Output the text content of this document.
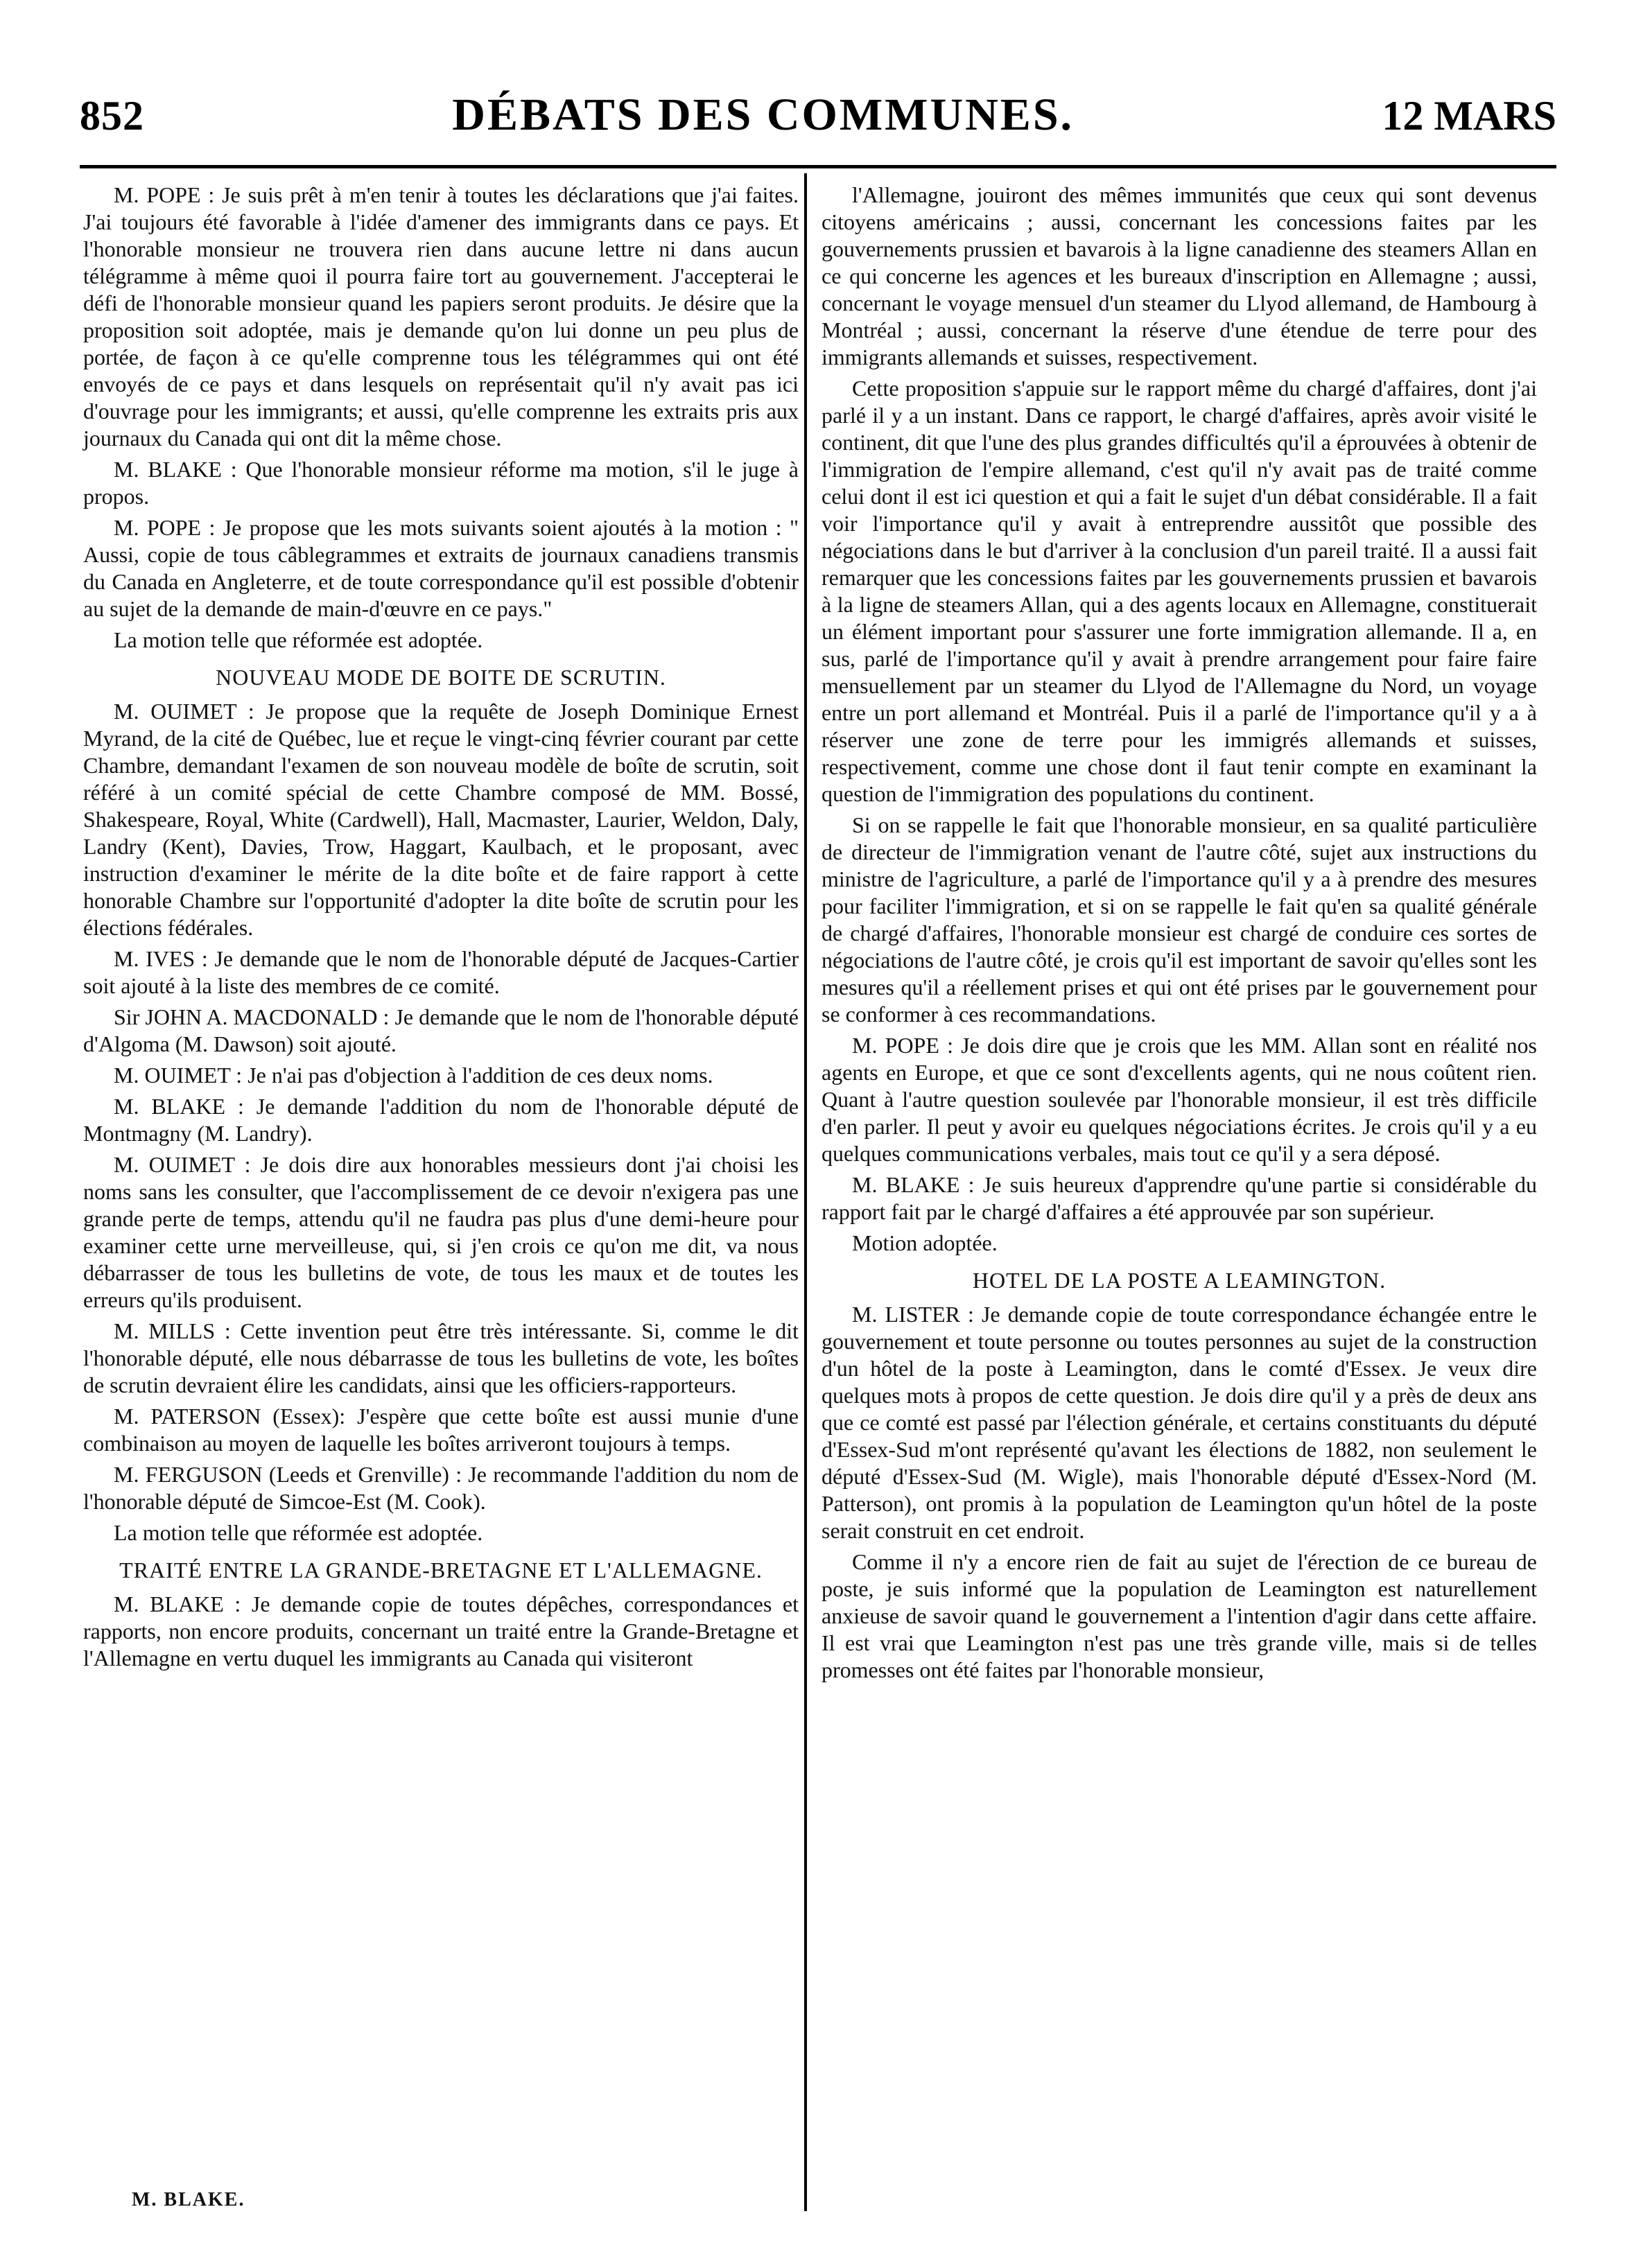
852	DÉBATS DES COMMUNES.	12 MARS

M. POPE : Je suis prêt à m'en tenir à toutes les déclarations que j'ai faites. J'ai toujours été favorable à l'idée d'amener des immigrants dans ce pays. Et l'honorable monsieur ne trouvera rien dans aucune lettre ni dans aucun télégramme à même quoi il pourra faire tort au gouvernement. J'accepterai le défi de l'honorable monsieur quand les papiers seront produits. Je désire que la proposition soit adoptée, mais je demande qu'on lui donne un peu plus de portée, de façon à ce qu'elle comprenne tous les télégrammes qui ont été envoyés de ce pays et dans lesquels on représentait qu'il n'y avait pas ici d'ouvrage pour les immigrants; et aussi, qu'elle comprenne les extraits pris aux journaux du Canada qui ont dit la même chose.

M. BLAKE : Que l'honorable monsieur réforme ma motion, s'il le juge à propos.

M. POPE : Je propose que les mots suivants soient ajoutés à la motion : " Aussi, copie de tous câblegrammes et extraits de journaux canadiens transmis du Canada en Angleterre, et de toute correspondance qu'il est possible d'obtenir au sujet de la demande de main-d'œuvre en ce pays."

La motion telle que réformée est adoptée.

NOUVEAU MODE DE BOITE DE SCRUTIN.

M. OUIMET : Je propose que la requête de Joseph Dominique Ernest Myrand, de la cité de Québec, lue et reçue le vingt-cinq février courant par cette Chambre, demandant l'examen de son nouveau modèle de boîte de scrutin, soit référé à un comité spécial de cette Chambre composé de MM. Bossé, Shakespeare, Royal, White (Cardwell), Hall, Macmaster, Laurier, Weldon, Daly, Landry (Kent), Davies, Trow, Haggart, Kaulbach, et le proposant, avec instruction d'examiner le mérite de la dite boîte et de faire rapport à cette honorable Chambre sur l'opportunité d'adopter la dite boîte de scrutin pour les élections fédérales.

M. IVES : Je demande que le nom de l'honorable député de Jacques-Cartier soit ajouté à la liste des membres de ce comité.

Sir JOHN A. MACDONALD : Je demande que le nom de l'honorable député d'Algoma (M. Dawson) soit ajouté.

M. OUIMET : Je n'ai pas d'objection à l'addition de ces deux noms.

M. BLAKE : Je demande l'addition du nom de l'honorable député de Montmagny (M. Landry).

M. OUIMET : Je dois dire aux honorables messieurs dont j'ai choisi les noms sans les consulter, que l'accomplissement de ce devoir n'exigera pas une grande perte de temps, attendu qu'il ne faudra pas plus d'une demi-heure pour examiner cette urne merveilleuse, qui, si j'en crois ce qu'on me dit, va nous débarrasser de tous les bulletins de vote, de tous les maux et de toutes les erreurs qu'ils produisent.

M. MILLS : Cette invention peut être très intéressante. Si, comme le dit l'honorable député, elle nous débarrasse de tous les bulletins de vote, les boîtes de scrutin devraient élire les candidats, ainsi que les officiers-rapporteurs.

M. PATERSON (Essex): J'espère que cette boîte est aussi munie d'une combinaison au moyen de laquelle les boîtes arriveront toujours à temps.

M. FERGUSON (Leeds et Grenville) : Je recommande l'addition du nom de l'honorable député de Simcoe-Est (M. Cook).

La motion telle que réformée est adoptée.

TRAITÉ ENTRE LA GRANDE-BRETAGNE ET L'ALLEMAGNE.

M. BLAKE : Je demande copie de toutes dépêches, correspondances et rapports, non encore produits, concernant un traité entre la Grande-Bretagne et l'Allemagne en vertu duquel les immigrants au Canada qui visiteront

l'Allemagne, jouiront des mêmes immunités que ceux qui sont devenus citoyens américains ; aussi, concernant les concessions faites par les gouvernements prussien et bavarois à la ligne canadienne des steamers Allan en ce qui concerne les agences et les bureaux d'inscription en Allemagne ; aussi, concernant le voyage mensuel d'un steamer du Llyod allemand, de Hambourg à Montréal ; aussi, concernant la réserve d'une étendue de terre pour des immigrants allemands et suisses, respectivement.

Cette proposition s'appuie sur le rapport même du chargé d'affaires, dont j'ai parlé il y a un instant. Dans ce rapport, le chargé d'affaires, après avoir visité le continent, dit que l'une des plus grandes difficultés qu'il a éprouvées à obtenir de l'immigration de l'empire allemand, c'est qu'il n'y avait pas de traité comme celui dont il est ici question et qui a fait le sujet d'un débat considérable. Il a fait voir l'importance qu'il y avait à entreprendre aussitôt que possible des négociations dans le but d'arriver à la conclusion d'un pareil traité. Il a aussi fait remarquer que les concessions faites par les gouvernements prussien et bavarois à la ligne de steamers Allan, qui a des agents locaux en Allemagne, constituerait un élément important pour s'assurer une forte immigration allemande. Il a, en sus, parlé de l'importance qu'il y avait à prendre arrangement pour faire faire mensuellement par un steamer du Llyod de l'Allemagne du Nord, un voyage entre un port allemand et Montréal. Puis il a parlé de l'importance qu'il y a à réserver une zone de terre pour les immigrés allemands et suisses, respectivement, comme une chose dont il faut tenir compte en examinant la question de l'immigration des populations du continent.

Si on se rappelle le fait que l'honorable monsieur, en sa qualité particulière de directeur de l'immigration venant de l'autre côté, sujet aux instructions du ministre de l'agriculture, a parlé de l'importance qu'il y a à prendre des mesures pour faciliter l'immigration, et si on se rappelle le fait qu'en sa qualité générale de chargé d'affaires, l'honorable monsieur est chargé de conduire ces sortes de négociations de l'autre côté, je crois qu'il est important de savoir qu'elles sont les mesures qu'il a réellement prises et qui ont été prises par le gouvernement pour se conformer à ces recommandations.

M. POPE : Je dois dire que je crois que les MM. Allan sont en réalité nos agents en Europe, et que ce sont d'excellents agents, qui ne nous coûtent rien. Quant à l'autre question soulevée par l'honorable monsieur, il est très difficile d'en parler. Il peut y avoir eu quelques négociations écrites. Je crois qu'il y a eu quelques communications verbales, mais tout ce qu'il y a sera déposé.

M. BLAKE : Je suis heureux d'apprendre qu'une partie si considérable du rapport fait par le chargé d'affaires a été approuvée par son supérieur.

Motion adoptée.

HOTEL DE LA POSTE A LEAMINGTON.

M. LISTER : Je demande copie de toute correspondance échangée entre le gouvernement et toute personne ou toutes personnes au sujet de la construction d'un hôtel de la poste à Leamington, dans le comté d'Essex. Je veux dire quelques mots à propos de cette question. Je dois dire qu'il y a près de deux ans que ce comté est passé par l'élection générale, et certains constituants du député d'Essex-Sud m'ont représenté qu'avant les élections de 1882, non seulement le député d'Essex-Sud (M. Wigle), mais l'honorable député d'Essex-Nord (M. Patterson), ont promis à la population de Leamington qu'un hôtel de la poste serait construit en cet endroit.

Comme il n'y a encore rien de fait au sujet de l'érection de ce bureau de poste, je suis informé que la population de Leamington est naturellement anxieuse de savoir quand le gouvernement a l'intention d'agir dans cette affaire. Il est vrai que Leamington n'est pas une très grande ville, mais si de telles promesses ont été faites par l'honorable monsieur,

M. BLAKE.
